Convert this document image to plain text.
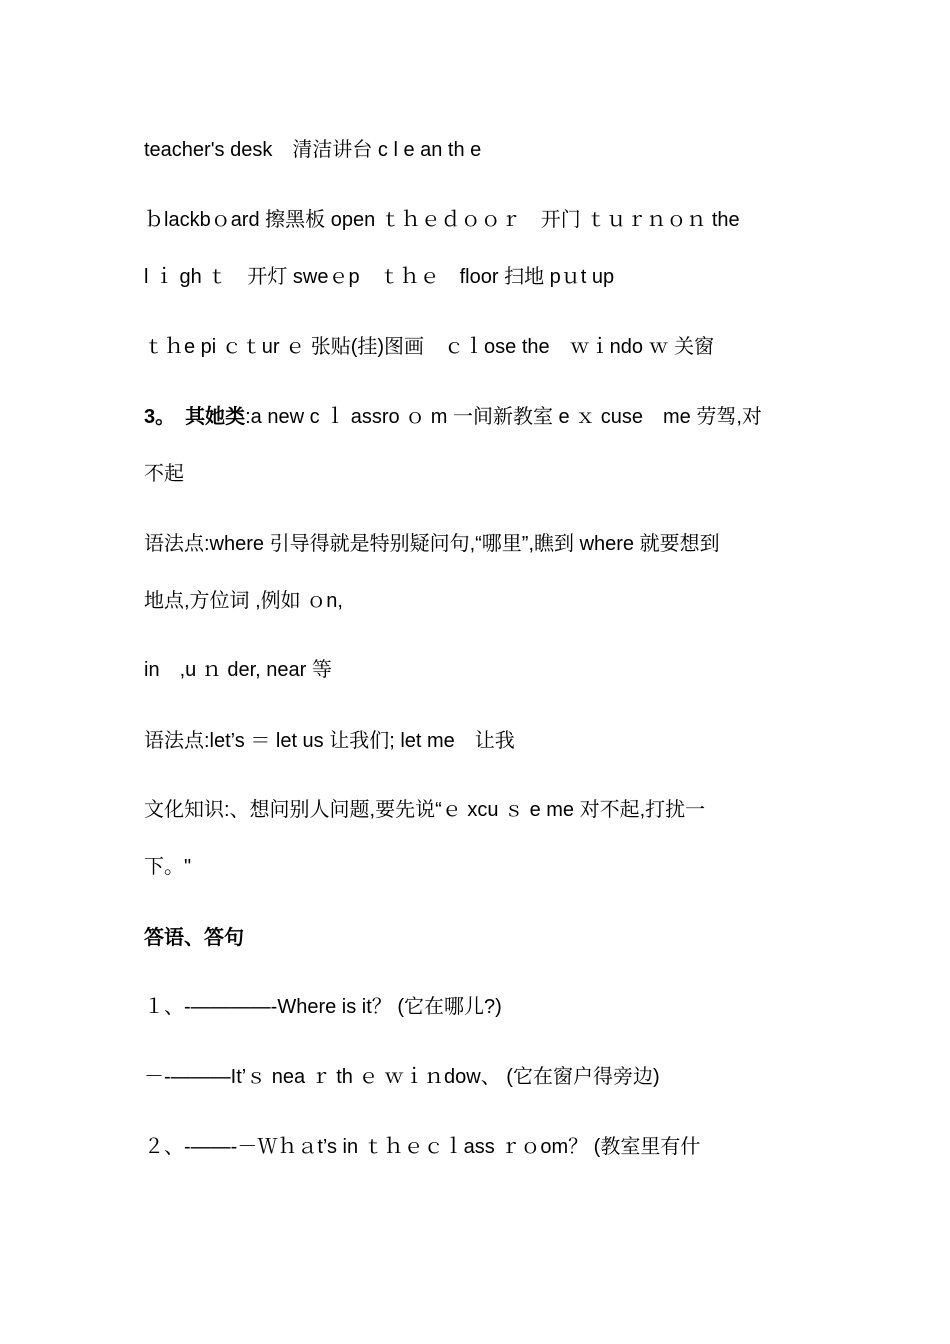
teacher's desk　清洁讲台 c l e an th e
ｂlackbｏard 擦黑板 open ｔｈｅｄｏｏｒ　开门 ｔｕｒｎｏｎ the
l ｉ gh ｔ　开灯 sweｅp　ｔｈｅ　floor 扫地 pｕt up
ｔｈe pi ｃｔur ｅ 张贴(挂)图画　ｃｌose the　ｗｉndo ｗ 关窗
3。　其她类:a new c ｌ assro ｏ m 一间新教室 e ｘ cuse　me 劳驾,对
不起
语法点:where 引导得就是特别疑问句,“哪里”,瞧到 where 就要想到
地点,方位词 ,例如 ｏn,
in　,u ｎ der, near 等
语法点:let’s ＝ let us 让我们; let me　让我
文化知识:、想问别人问题,要先说“ｅ xcu ｓ e me 对不起,打扰一
下。"
答语、答句
１、-————-Where is it？ (它在哪儿?)
－-——―It’ｓ nea ｒ th ｅ ｗｉｎdow、 (它在窗户得旁边)
２、-——-－Ｗｈａt’s in ｔｈｅｃｌass ｒｏom？ (教室里有什
